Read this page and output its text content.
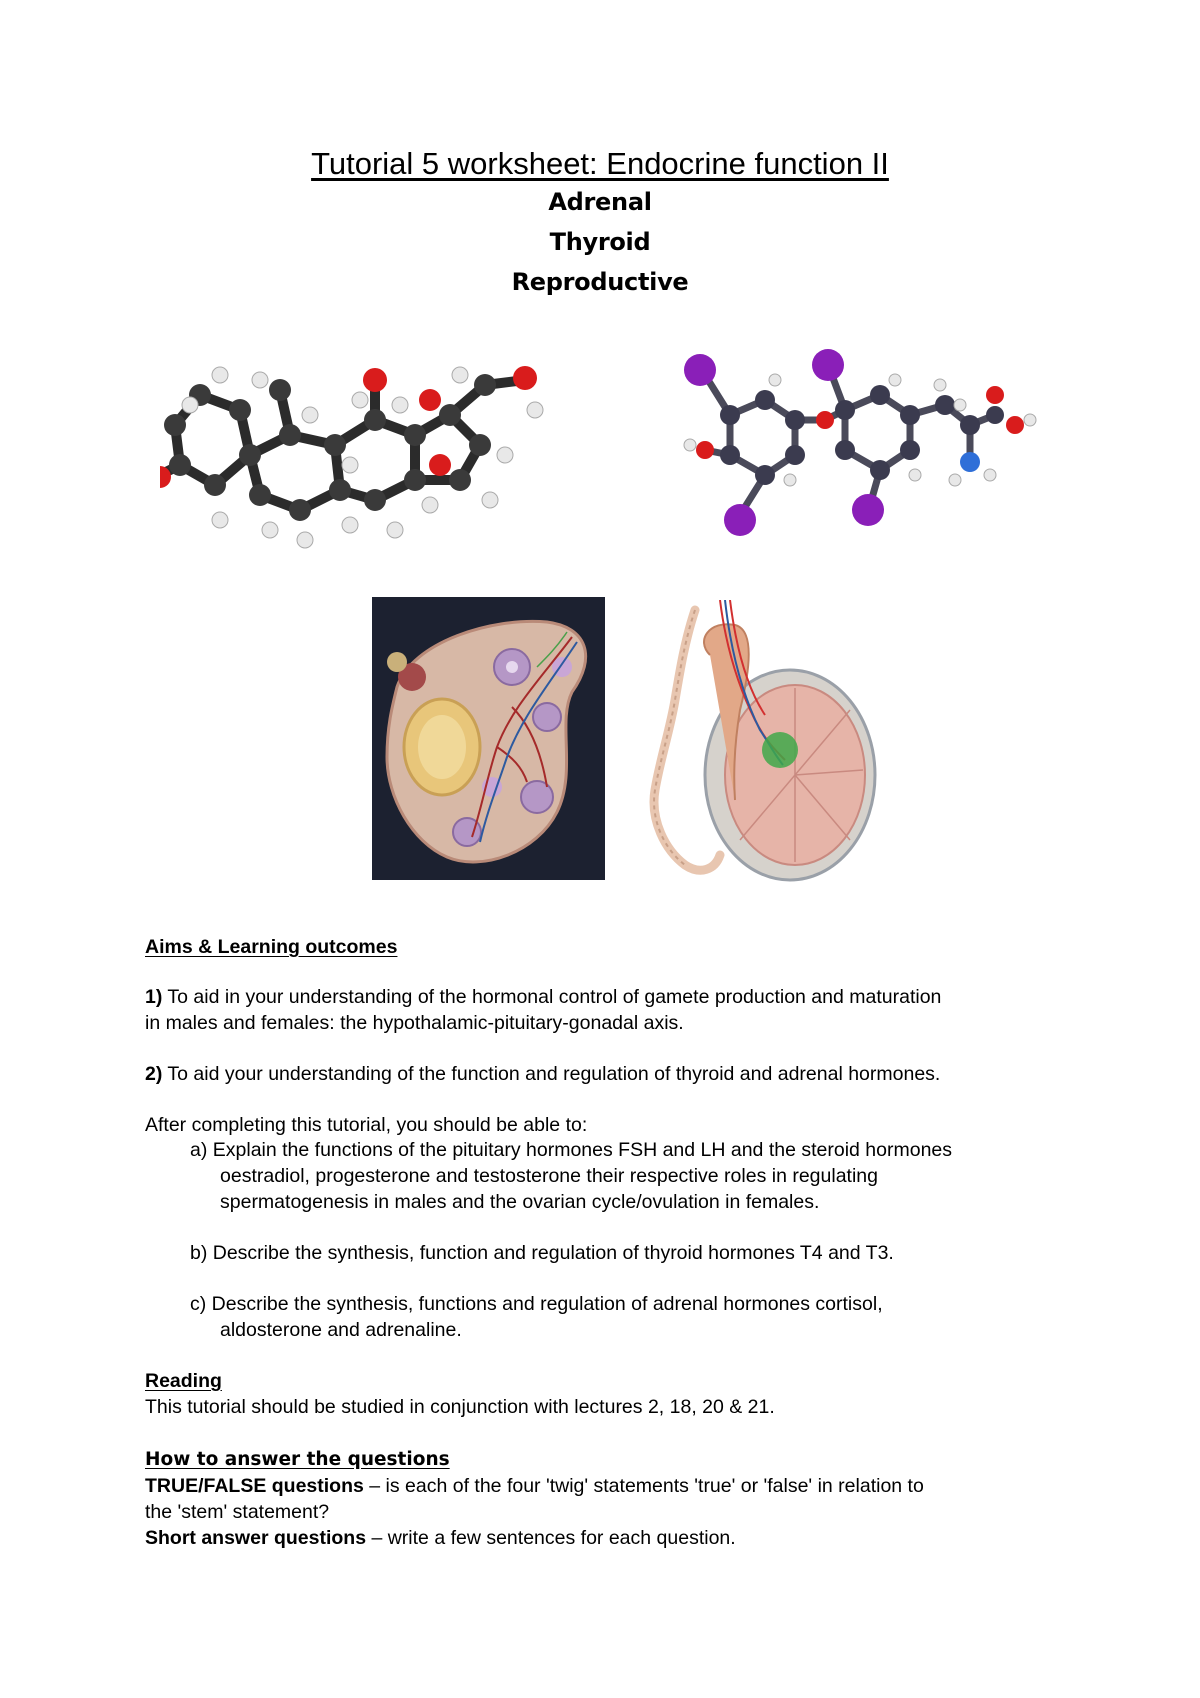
Tutorial 5 worksheet: Endocrine function II
Adrenal
Thyroid
Reproductive
Aims & Learning outcomes
1) To aid in your understanding of the hormonal control of gamete production and maturation
in males and females: the hypothalamic-pituitary-gonadal axis.
2) To aid your understanding of the function and regulation of thyroid and adrenal hormones.
After completing this tutorial, you should be able to:
a) Explain the functions of the pituitary hormones FSH and LH and the steroid hormones
oestradiol, progesterone and testosterone their respective roles in regulating
spermatogenesis in males and the ovarian cycle/ovulation in females.
b) Describe the synthesis, function and regulation of thyroid hormones T4 and T3.
c) Describe the synthesis, functions and regulation of adrenal hormones cortisol,
aldosterone and adrenaline.
Reading
This tutorial should be studied in conjunction with lectures 2, 18, 20 & 21.
How to answer the questions
TRUE/FALSE questions – is each of the four 'twig' statements 'true' or 'false' in relation to
the 'stem' statement?
Short answer questions – write a few sentences for each question.
